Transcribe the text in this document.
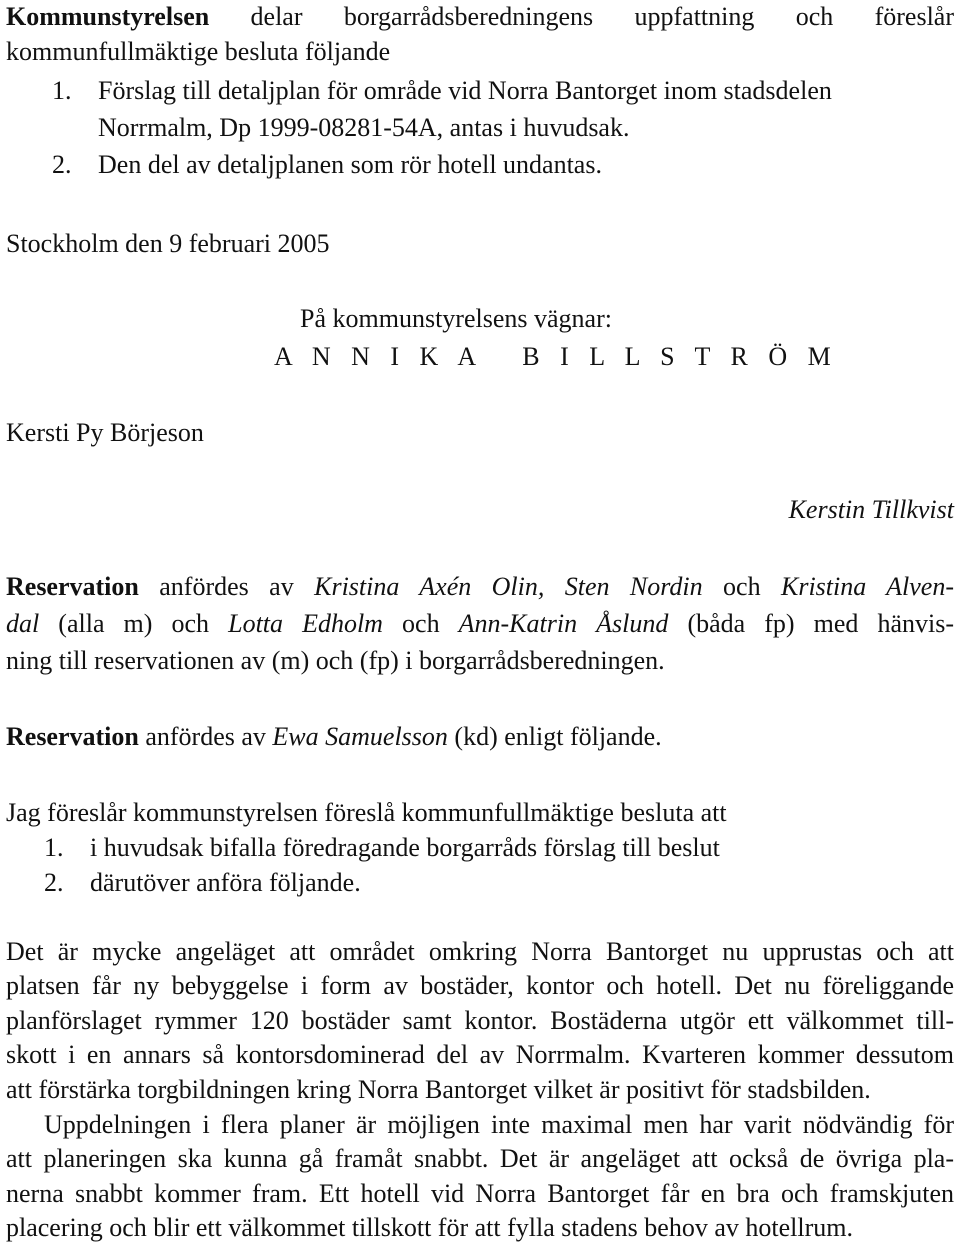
Kommunstyrelsen delar borgarrådsberedningens uppfattning och föreslår
kommunfullmäktige besluta följande
1. Förslag till detaljplan för område vid Norra Bantorget inom stadsdelen
Norrmalm, Dp 1999-08281-54A, antas i huvudsak.
2. Den del av detaljplanen som rör hotell undantas.
Stockholm den 9 februari 2005
På kommunstyrelsens vägnar:
A N N I K A   B I L L S T R Ö M
Kersti Py Börjeson
Kerstin Tillkvist
Reservation anfördes av Kristina Axén Olin, Sten Nordin och Kristina Alven-
dal (alla m) och Lotta Edholm och Ann-Katrin Åslund (båda fp) med hänvis-
ning till reservationen av (m) och (fp) i borgarrådsberedningen.
Reservation anfördes av Ewa Samuelsson (kd) enligt följande.
Jag föreslår kommunstyrelsen föreslå kommunfullmäktige besluta att
1. i huvudsak bifalla föredragande borgarråds förslag till beslut
2. därutöver anföra följande.
Det är mycke angeläget att området omkring Norra Bantorget nu upprustas och att
platsen får ny bebyggelse i form av bostäder, kontor och hotell. Det nu föreliggande
planförslaget rymmer 120 bostäder samt kontor. Bostäderna utgör ett välkommet till-
skott i en annars så kontorsdominerad del av Norrmalm. Kvarteren kommer dessutom
att förstärka torgbildningen kring Norra Bantorget vilket är positivt för stadsbilden.
Uppdelningen i flera planer är möjligen inte maximal men har varit nödvändig för
att planeringen ska kunna gå framåt snabbt. Det är angeläget att också de övriga pla-
nerna snabbt kommer fram. Ett hotell vid Norra Bantorget får en bra och framskjuten
placering och blir ett välkommet tillskott för att fylla stadens behov av hotellrum.
